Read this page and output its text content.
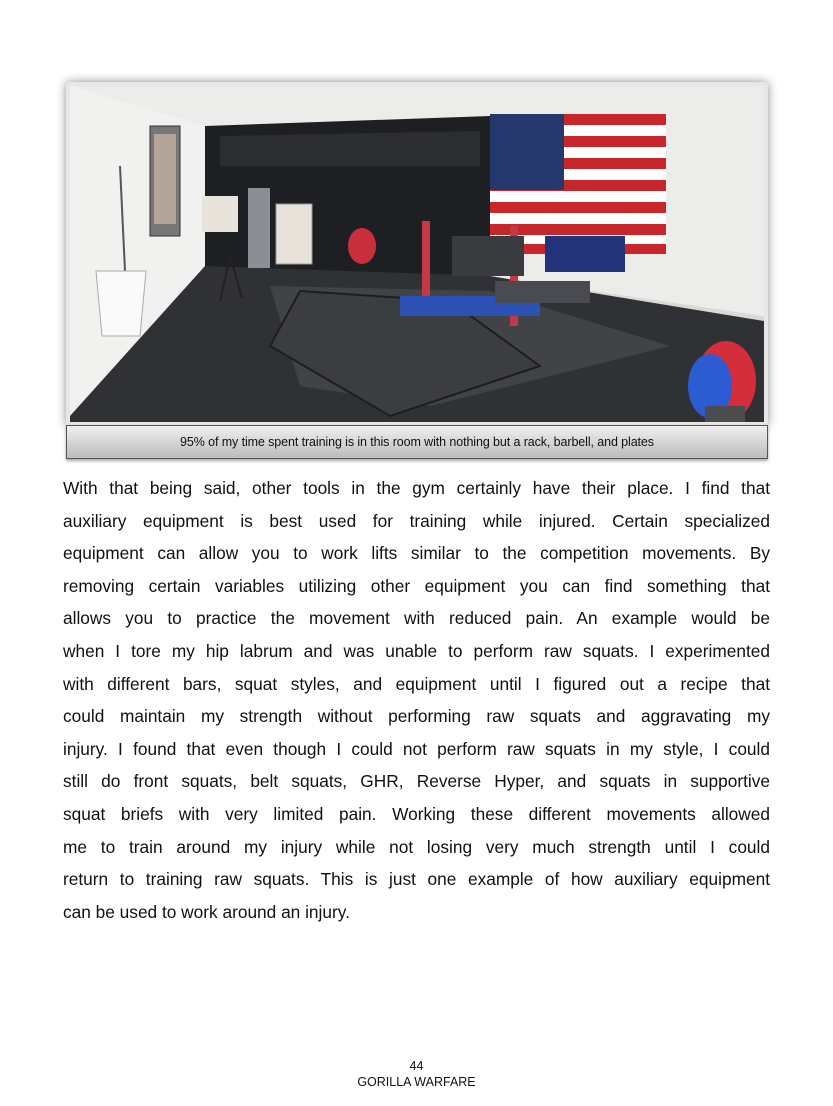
95% of my time spent training is in this room with nothing but a rack, barbell, and plates
With that being said, other tools in the gym certainly have their place. I find that
auxiliary equipment is best used for training while injured. Certain specialized
equipment can allow you to work lifts similar to the competition movements. By
removing certain variables utilizing other equipment you can find something that
allows you to practice the movement with reduced pain. An example would be
when I tore my hip labrum and was unable to perform raw squats. I experimented
with different bars, squat styles, and equipment until I figured out a recipe that
could maintain my strength without performing raw squats and aggravating my
injury. I found that even though I could not perform raw squats in my style, I could
still do front squats, belt squats, GHR, Reverse Hyper, and squats in supportive
squat briefs with very limited pain. Working these different movements allowed
me to train around my injury while not losing very much strength until I could
return to training raw squats. This is just one example of how auxiliary equipment
can be used to work around an injury.
44
GORILLA WARFARE
